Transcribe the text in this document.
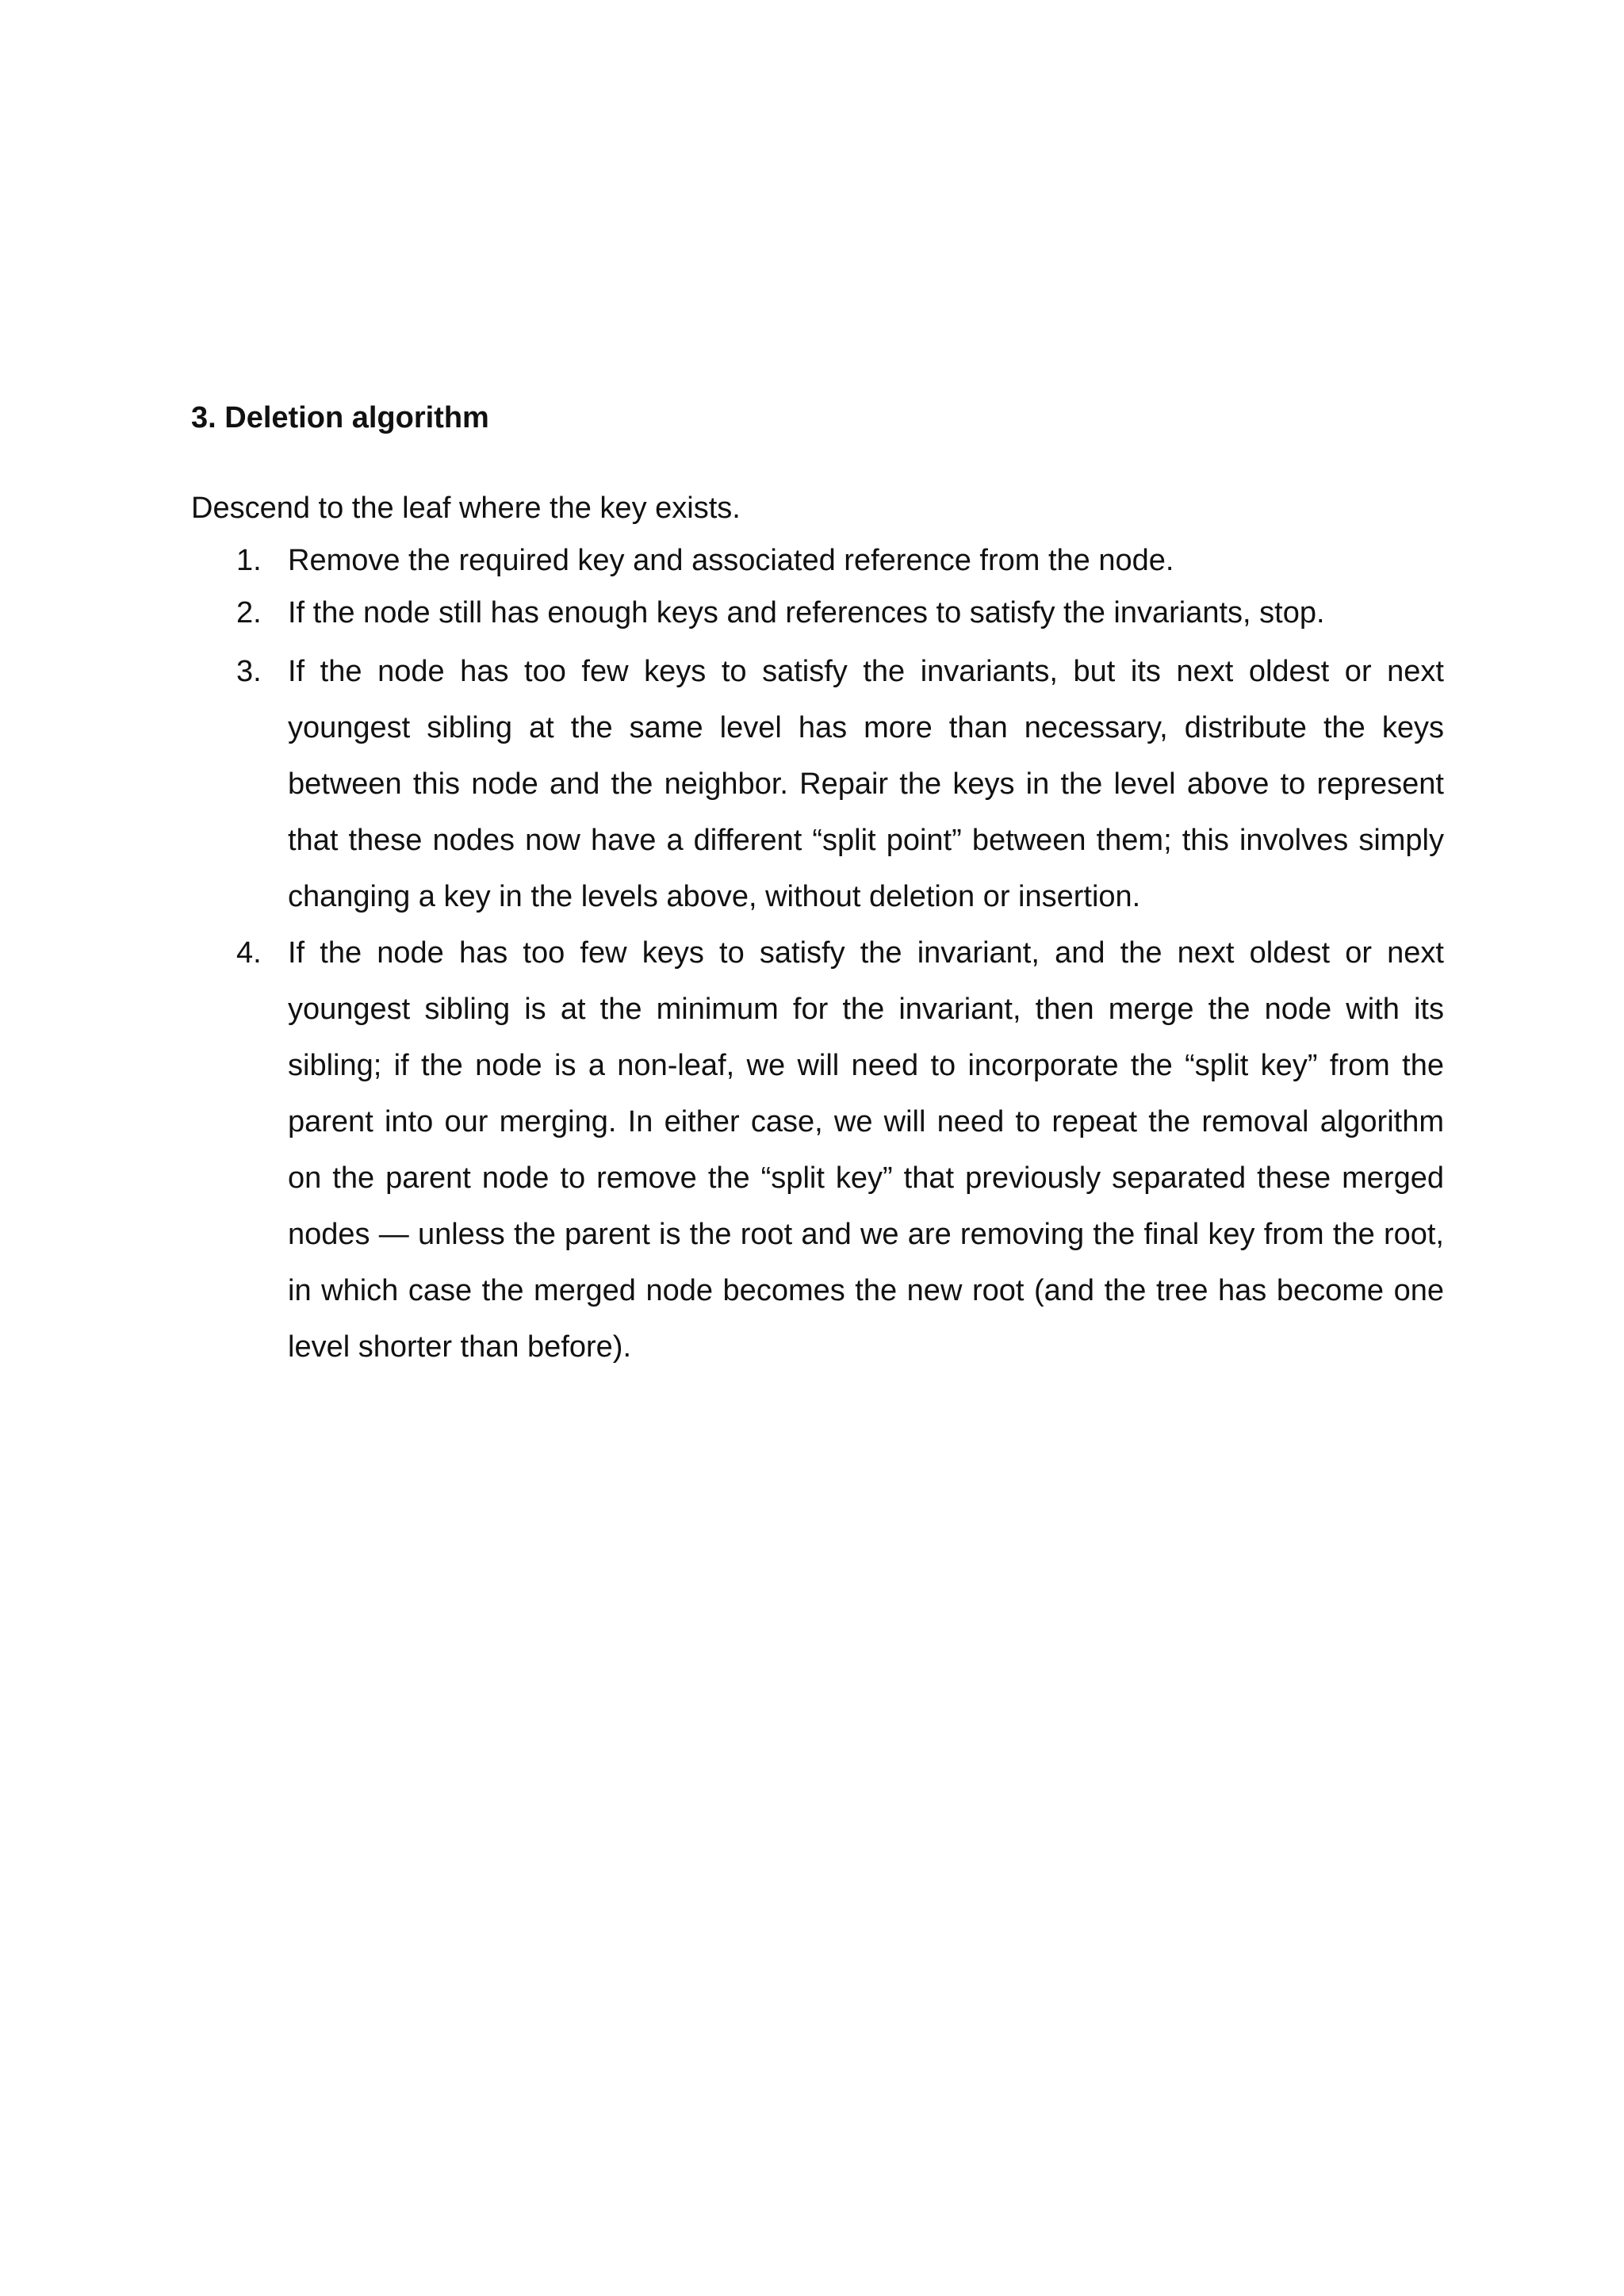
3. Deletion algorithm
Descend to the leaf where the key exists.
1. Remove the required key and associated reference from the node.
2. If the node still has enough keys and references to satisfy the invariants, stop.
3. If the node has too few keys to satisfy the invariants, but its next oldest or next youngest sibling at the same level has more than necessary, distribute the keys between this node and the neighbor. Repair the keys in the level above to represent that these nodes now have a different “split point” between them; this involves simply changing a key in the levels above, without deletion or insertion.
4. If the node has too few keys to satisfy the invariant, and the next oldest or next youngest sibling is at the minimum for the invariant, then merge the node with its sibling; if the node is a non-leaf, we will need to incorporate the “split key” from the parent into our merging. In either case, we will need to repeat the removal algorithm on the parent node to remove the “split key” that previously separated these merged nodes — unless the parent is the root and we are removing the final key from the root, in which case the merged node becomes the new root (and the tree has become one level shorter than before).
